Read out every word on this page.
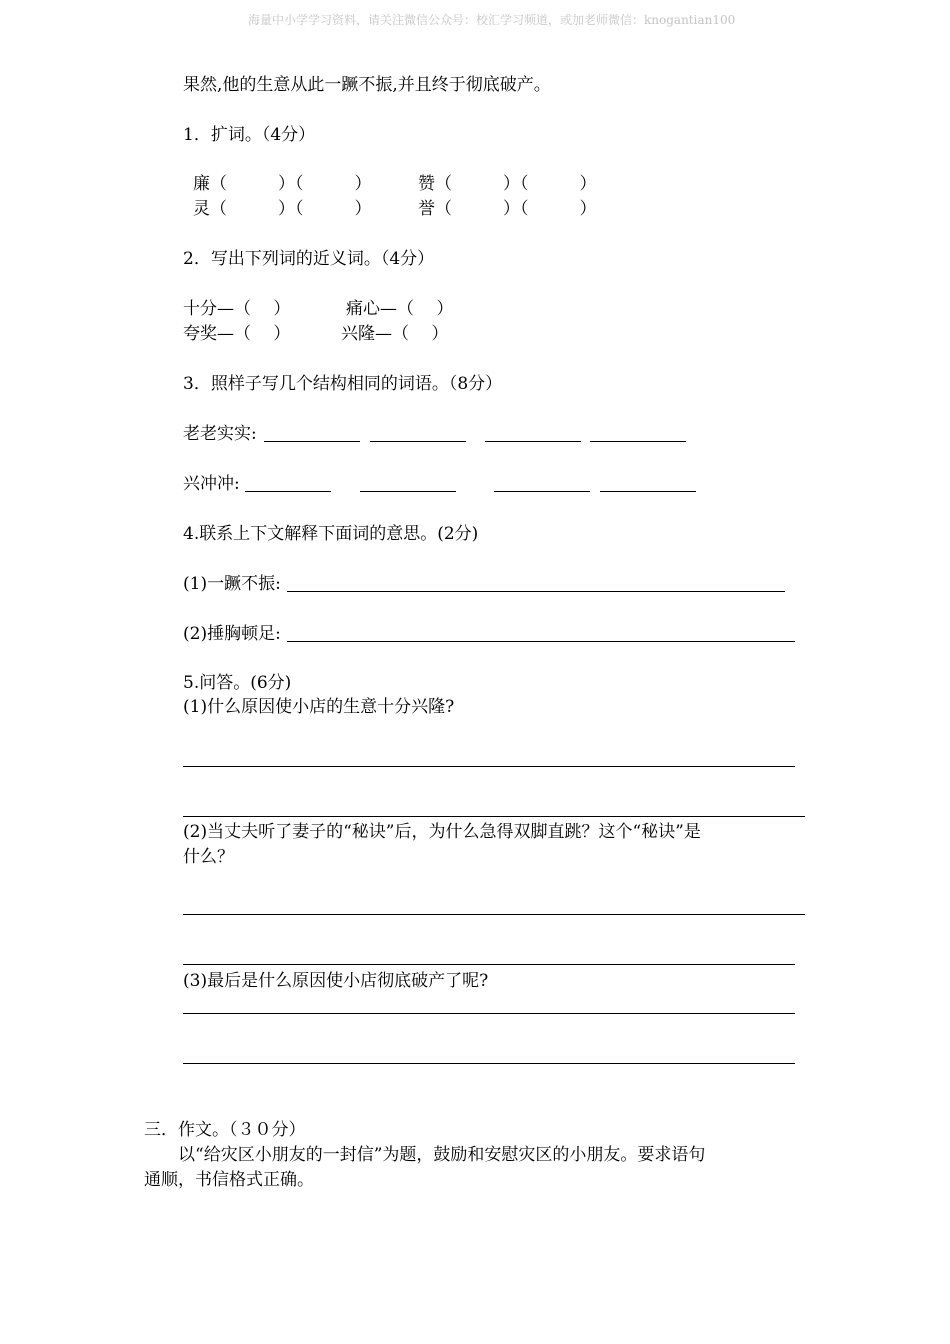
海量中小学学习资料，请关注微信公众号：校汇学习频道，或加老师微信：knogantian100
果然,他的生意从此一蹶不振,并且终于彻底破产。
1．扩词。（4分）
廉（　　　）（　　　）	赞（　　　）（　　　）
灵（　　　）（　　　）	誉（　　　）（　　　）
2．写出下列词的近义词。（4分）
十分—（　 ）	痛心—（　 ）
夸奖—（　 ）	兴隆—（　 ）
3．照样子写几个结构相同的词语。（8分）
老老实实:
兴冲冲:
4.联系上下文解释下面词的意思。(2分)
(1)一蹶不振:
(2)捶胸顿足:
5.问答。(6分)
(1)什么原因使小店的生意十分兴隆?
(2)当丈夫听了妻子的“秘诀”后，为什么急得双脚直跳？这个“秘诀”是
什么？
(3)最后是什么原因使小店彻底破产了呢?
三．作文。（３０分）
　　以“给灾区小朋友的一封信”为题，鼓励和安慰灾区的小朋友。要求语句
通顺，书信格式正确。
